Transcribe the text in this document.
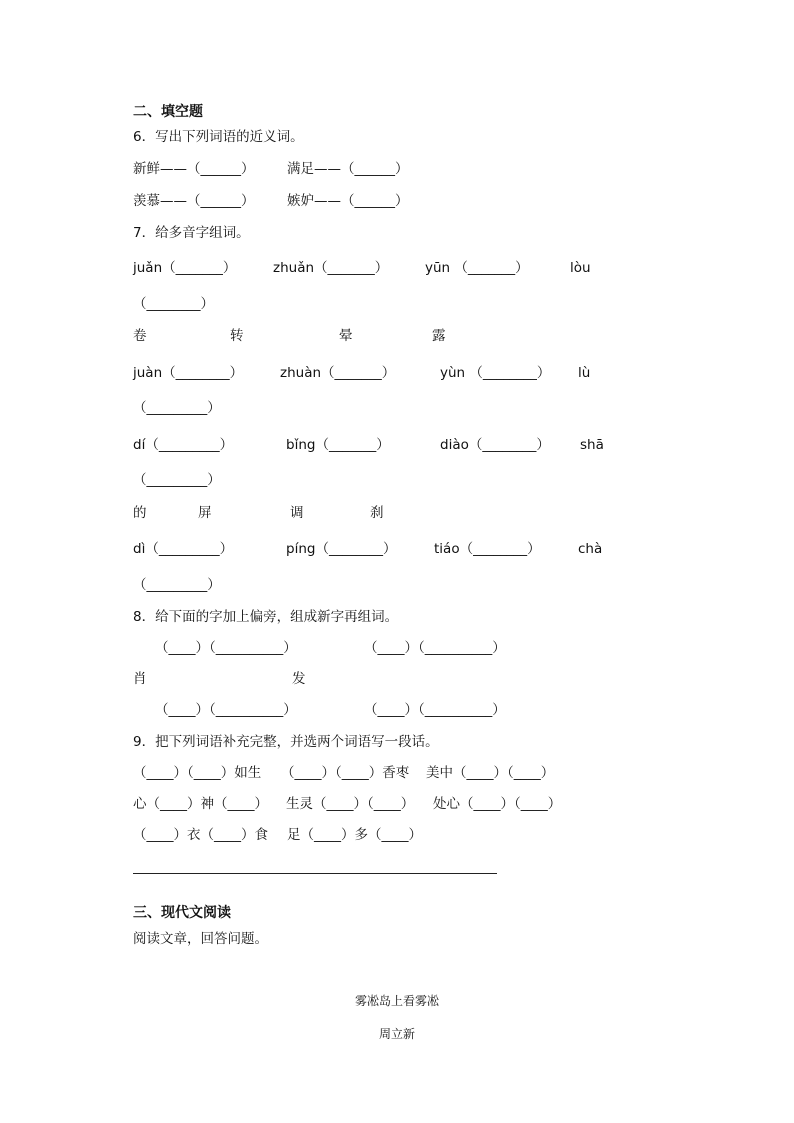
二、填空题
6．写出下列词语的近义词。
新鲜——（______） 满足——（______）
羡慕——（______） 嫉妒——（______）
7．给多音字组词。
juǎn（_______）	zhuǎn（_______）	yūn （_______）	lòu
（________）
卷	转	晕	露
juàn（________）	zhuàn（_______）	yùn （________） lù
（_________）
dí（_________）	bǐng（_______）	diào（________） shā
（_________）
的	屏	调	刹
dì（_________）	píng（________）	tiáo（________）	chà
（_________）
8．给下面的字加上偏旁，组成新字再组词。
（____）（__________）	（____）（__________）
肖	发
（____）（__________）	（____）（__________）
9．把下列词语补充完整，并选两个词语写一段话。
（____）（____）如生 （____）（____）香枣 美中（____）（____）
心（____）神（____） 生灵（____）（____） 处心（____）（____）
（____）衣（____）食 足（____）多（____）
三、现代文阅读
阅读文章，回答问题。
雾凇岛上看雾凇
周立新
